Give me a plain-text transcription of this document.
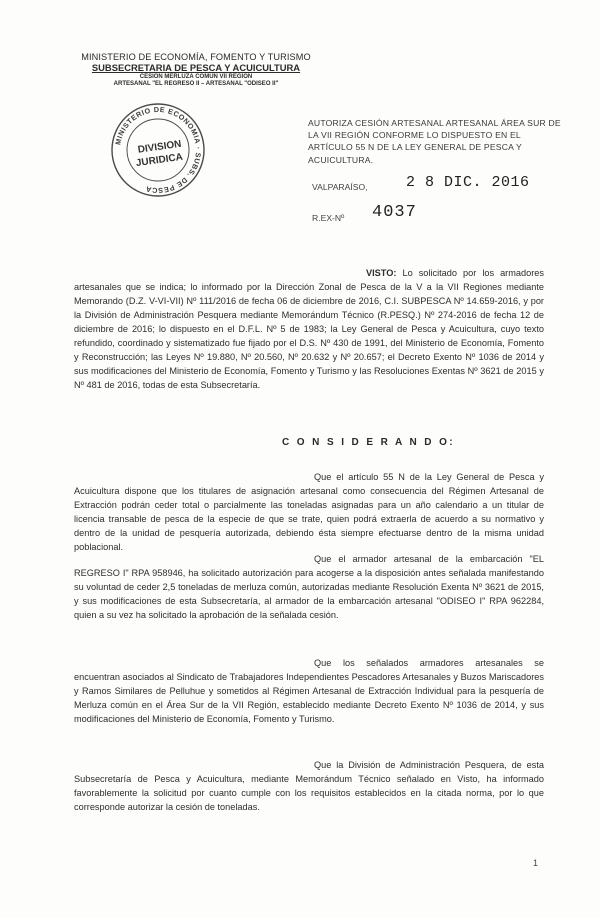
MINISTERIO DE ECONOMÍA, FOMENTO Y TURISMO
SUBSECRETARIA DE PESCA Y ACUICULTURA
CESIÓN MERLUZA COMÚN VII REGIÓN
ARTESANAL "EL REGRESO II – ARTESANAL "ODISEO II"
MINISTERIO DE ECONOMIA · SUBS. DE PESCA
DIVISION
JURIDICA
AUTORIZA CESIÓN ARTESANAL ARTESANAL ÁREA SUR DE LA VII REGIÓN CONFORME LO DISPUESTO EN EL ARTÍCULO 55 N DE LA LEY GENERAL DE PESCA Y ACUICULTURA.
VALPARAÍSO,	2 8 DIC. 2016
R.EX-Nº 4037

VISTO: Lo solicitado por los armadores artesanales que se indica; lo informado por la Dirección Zonal de Pesca de la V a la VII Regiones mediante Memorando (D.Z. V-VI-VII) Nº 111/2016 de fecha 06 de diciembre de 2016, C.I. SUBPESCA Nº 14.659-2016, y por la División de Administración Pesquera mediante Memorándum Técnico (R.PESQ.) Nº 274-2016 de fecha 12 de diciembre de 2016; lo dispuesto en el D.F.L. Nº 5 de 1983; la Ley General de Pesca y Acuicultura, cuyo texto refundido, coordinado y sistematizado fue fijado por el D.S. Nº 430 de 1991, del Ministerio de Economía, Fomento y Reconstrucción; las Leyes Nº 19.880, Nº 20.560, Nº 20.632 y Nº 20.657; el Decreto Exento Nº 1036 de 2014 y sus modificaciones del Ministerio de Economía, Fomento y Turismo y las Resoluciones Exentas Nº 3621 de 2015 y Nº 481 de 2016, todas de esta Subsecretaría.

C O N S I D E R A N D O:

Que el artículo 55 N de la Ley General de Pesca y Acuicultura dispone que los titulares de asignación artesanal como consecuencia del Régimen Artesanal de Extracción podrán ceder total o parcialmente las toneladas asignadas para un año calendario a un titular de licencia transable de pesca de la especie de que se trate, quien podrá extraerla de acuerdo a su normativo y dentro de la unidad de pesquería autorizada, debiendo ésta siempre efectuarse dentro de la misma unidad poblacional.

Que el armador artesanal de la embarcación "EL REGRESO I" RPA 958946, ha solicitado autorización para acogerse a la disposición antes señalada manifestando su voluntad de ceder 2,5 toneladas de merluza común, autorizadas mediante Resolución Exenta Nº 3621 de 2015, y sus modificaciones de esta Subsecretaría, al armador de la embarcación artesanal "ODISEO I" RPA 962284, quien a su vez ha solicitado la aprobación de la señalada cesión.

Que los señalados armadores artesanales se encuentran asociados al Sindicato de Trabajadores Independientes Pescadores Artesanales y Buzos Mariscadores y Ramos Similares de Pelluhue y sometidos al Régimen Artesanal de Extracción Individual para la pesquería de Merluza común en el Área Sur de la VII Región, establecido mediante Decreto Exento Nº 1036 de 2014, y sus modificaciones del Ministerio de Economía, Fomento y Turismo.

Que la División de Administración Pesquera, de esta Subsecretaría de Pesca y Acuicultura, mediante Memorándum Técnico señalado en Visto, ha informado favorablemente la solicitud por cuanto cumple con los requisitos establecidos en la citada norma, por lo que corresponde autorizar la cesión de toneladas.

1
